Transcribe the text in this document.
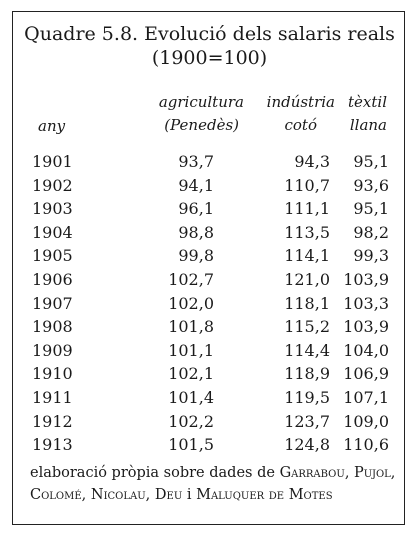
Quadre 5.8. Evolució dels salaris reals
(1900=100)
any
agricultura
(Penedès)
indústria
cotó
tèxtil
llana
1901	93,7	94,3 95,1
1902	94,1	110,7 93,6
1903	96,1	111,1 95,1
1904	98,8	113,5 98,2
1905	99,8	114,1 99,3
1906	102,7	121,0 103,9
1907	102,0	118,1 103,3
1908	101,8	115,2 103,9
1909	101,1	114,4 104,0
1910	102,1	118,9 106,9
1911	101,4	119,5 107,1
1912	102,2	123,7 109,0
1913	101,5	124,8 110,6
elaboració pròpia sobre dades de Garrabou, Pujol,
Colomé, Nicolau, Deu i Maluquer de Motes
